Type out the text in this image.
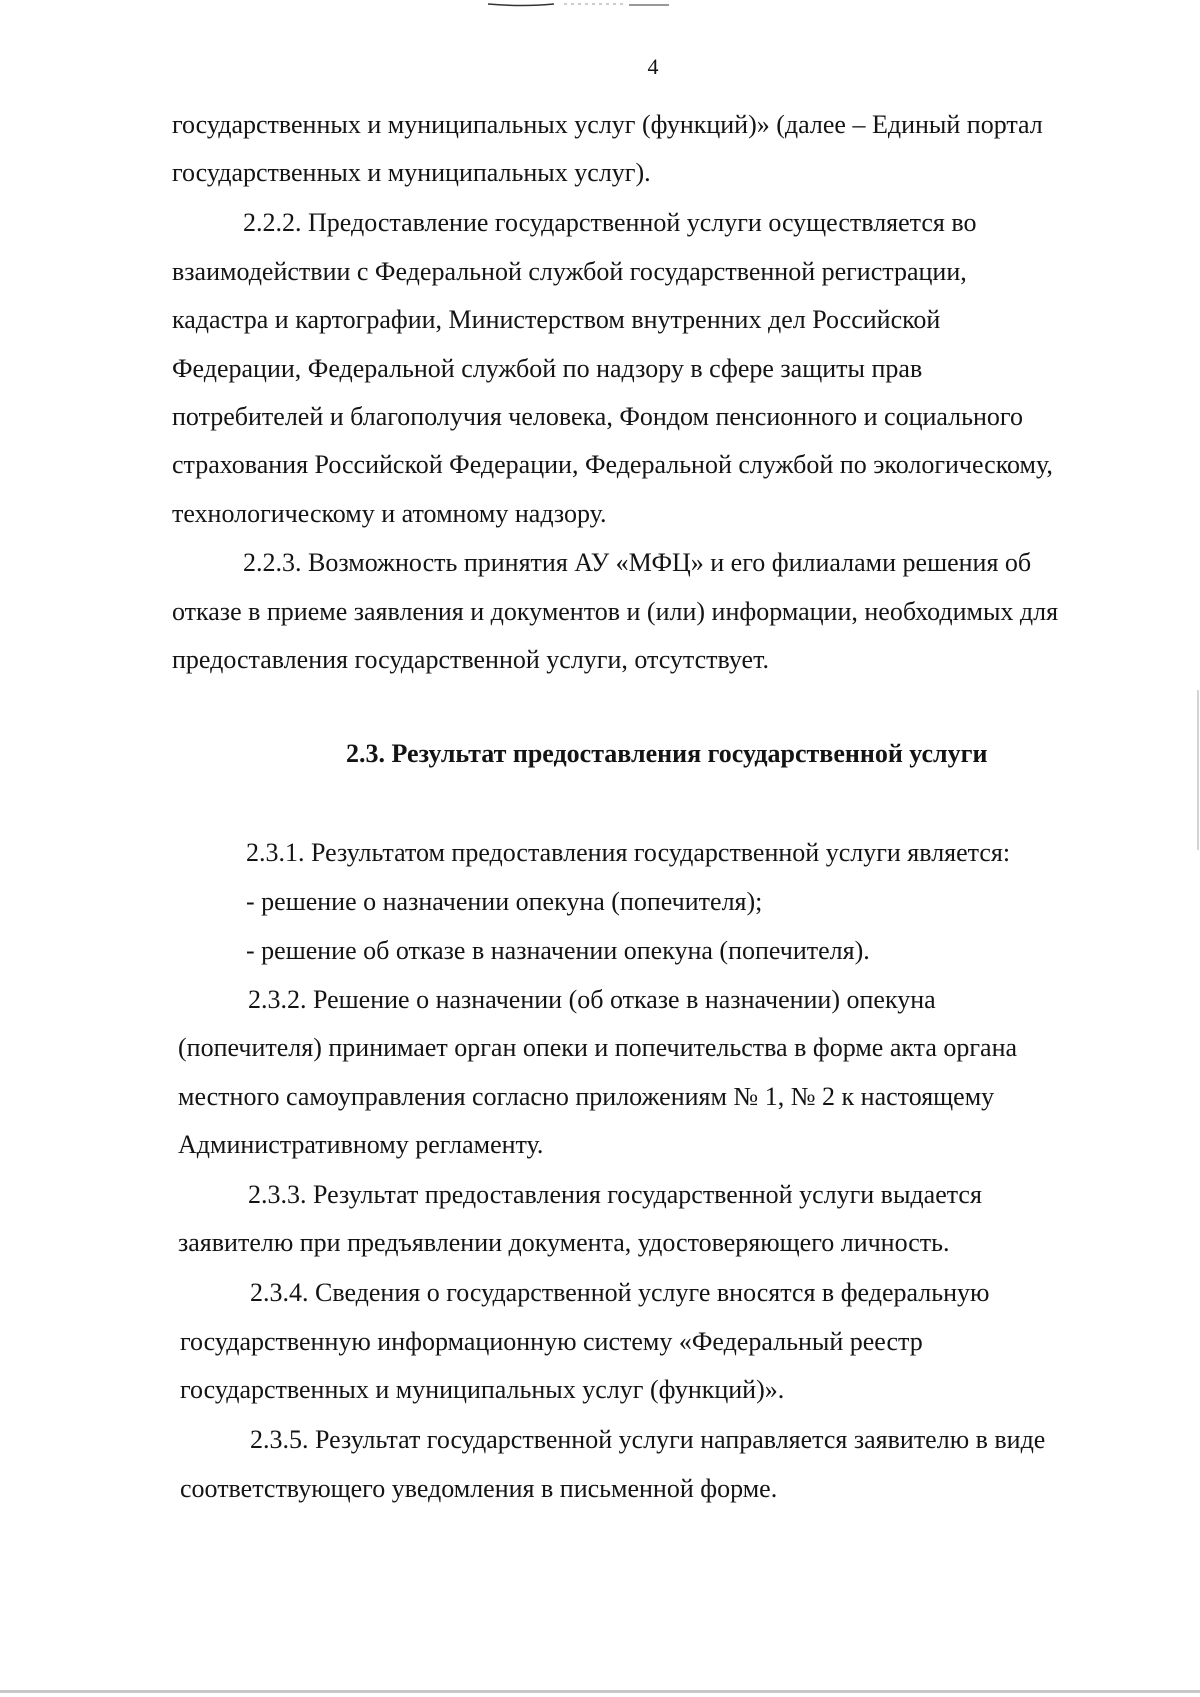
4
государственных и муниципальных услуг (функций)» (далее – Единый портал
государственных и муниципальных услуг).
2.2.2. Предоставление государственной услуги осуществляется во
взаимодействии с Федеральной службой государственной регистрации,
кадастра и картографии, Министерством внутренних дел Российской
Федерации, Федеральной службой по надзору в сфере защиты прав
потребителей и благополучия человека, Фондом пенсионного и социального
страхования Российской Федерации, Федеральной службой по экологическому,
технологическому и атомному надзору.
2.2.3. Возможность принятия АУ «МФЦ» и его филиалами решения об
отказе в приеме заявления и документов и (или) информации, необходимых для
предоставления государственной услуги, отсутствует.
2.3. Результат предоставления государственной услуги
2.3.1. Результатом предоставления государственной услуги является:
- решение о назначении опекуна (попечителя);
- решение об отказе в назначении опекуна (попечителя).
2.3.2. Решение о назначении (об отказе в назначении) опекуна
(попечителя) принимает орган опеки и попечительства в форме акта органа
местного самоуправления согласно приложениям № 1, № 2 к настоящему
Административному регламенту.
2.3.3. Результат предоставления государственной услуги выдается
заявителю при предъявлении документа, удостоверяющего личность.
2.3.4. Сведения о государственной услуге вносятся в федеральную
государственную информационную систему «Федеральный реестр
государственных и муниципальных услуг (функций)».
2.3.5. Результат государственной услуги направляется заявителю в виде
соответствующего уведомления в письменной форме.
